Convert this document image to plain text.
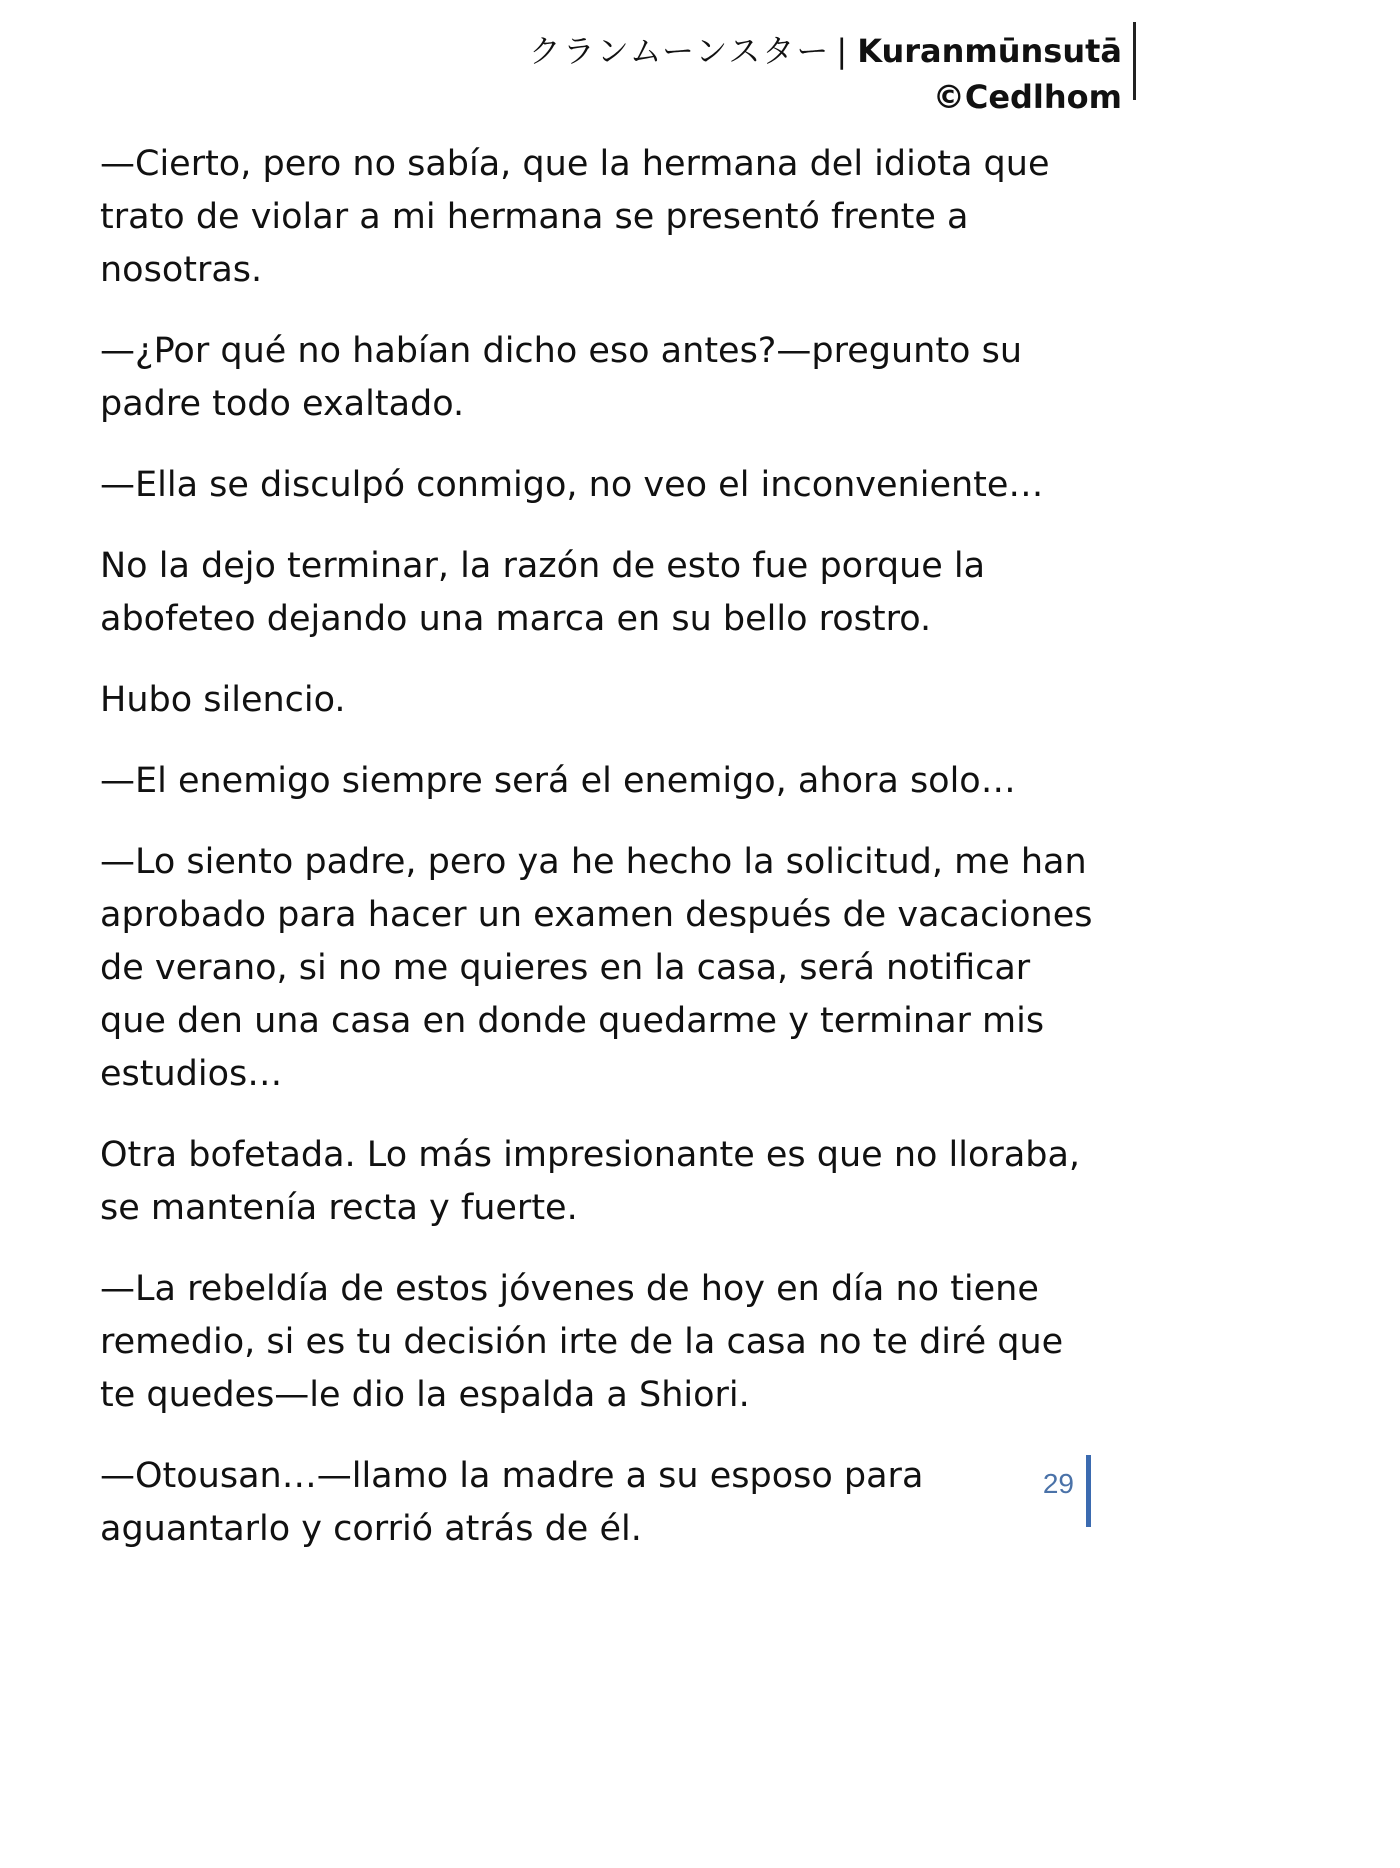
クランムーンスター | Kuranmūnsutā
©Cedlhom

—Cierto, pero no sabía, que la hermana del idiota que trato de violar a mi hermana se presentó frente a nosotras.

—¿Por qué no habían dicho eso antes?—pregunto su padre todo exaltado.

—Ella se disculpó conmigo, no veo el inconveniente…

No la dejo terminar, la razón de esto fue porque la abofeteo dejando una marca en su bello rostro.

Hubo silencio.

—El enemigo siempre será el enemigo, ahora solo…

—Lo siento padre, pero ya he hecho la solicitud, me han aprobado para hacer un examen después de vacaciones de verano, si no me quieres en la casa, será notificar que den una casa en donde quedarme y terminar mis estudios…

Otra bofetada. Lo más impresionante es que no lloraba, se mantenía recta y fuerte.

—La rebeldía de estos jóvenes de hoy en día no tiene remedio, si es tu decisión irte de la casa no te diré que te quedes—le dio la espalda a Shiori.

—Otousan…—llamo la madre a su esposo para aguantarlo y corrió atrás de él.

29
